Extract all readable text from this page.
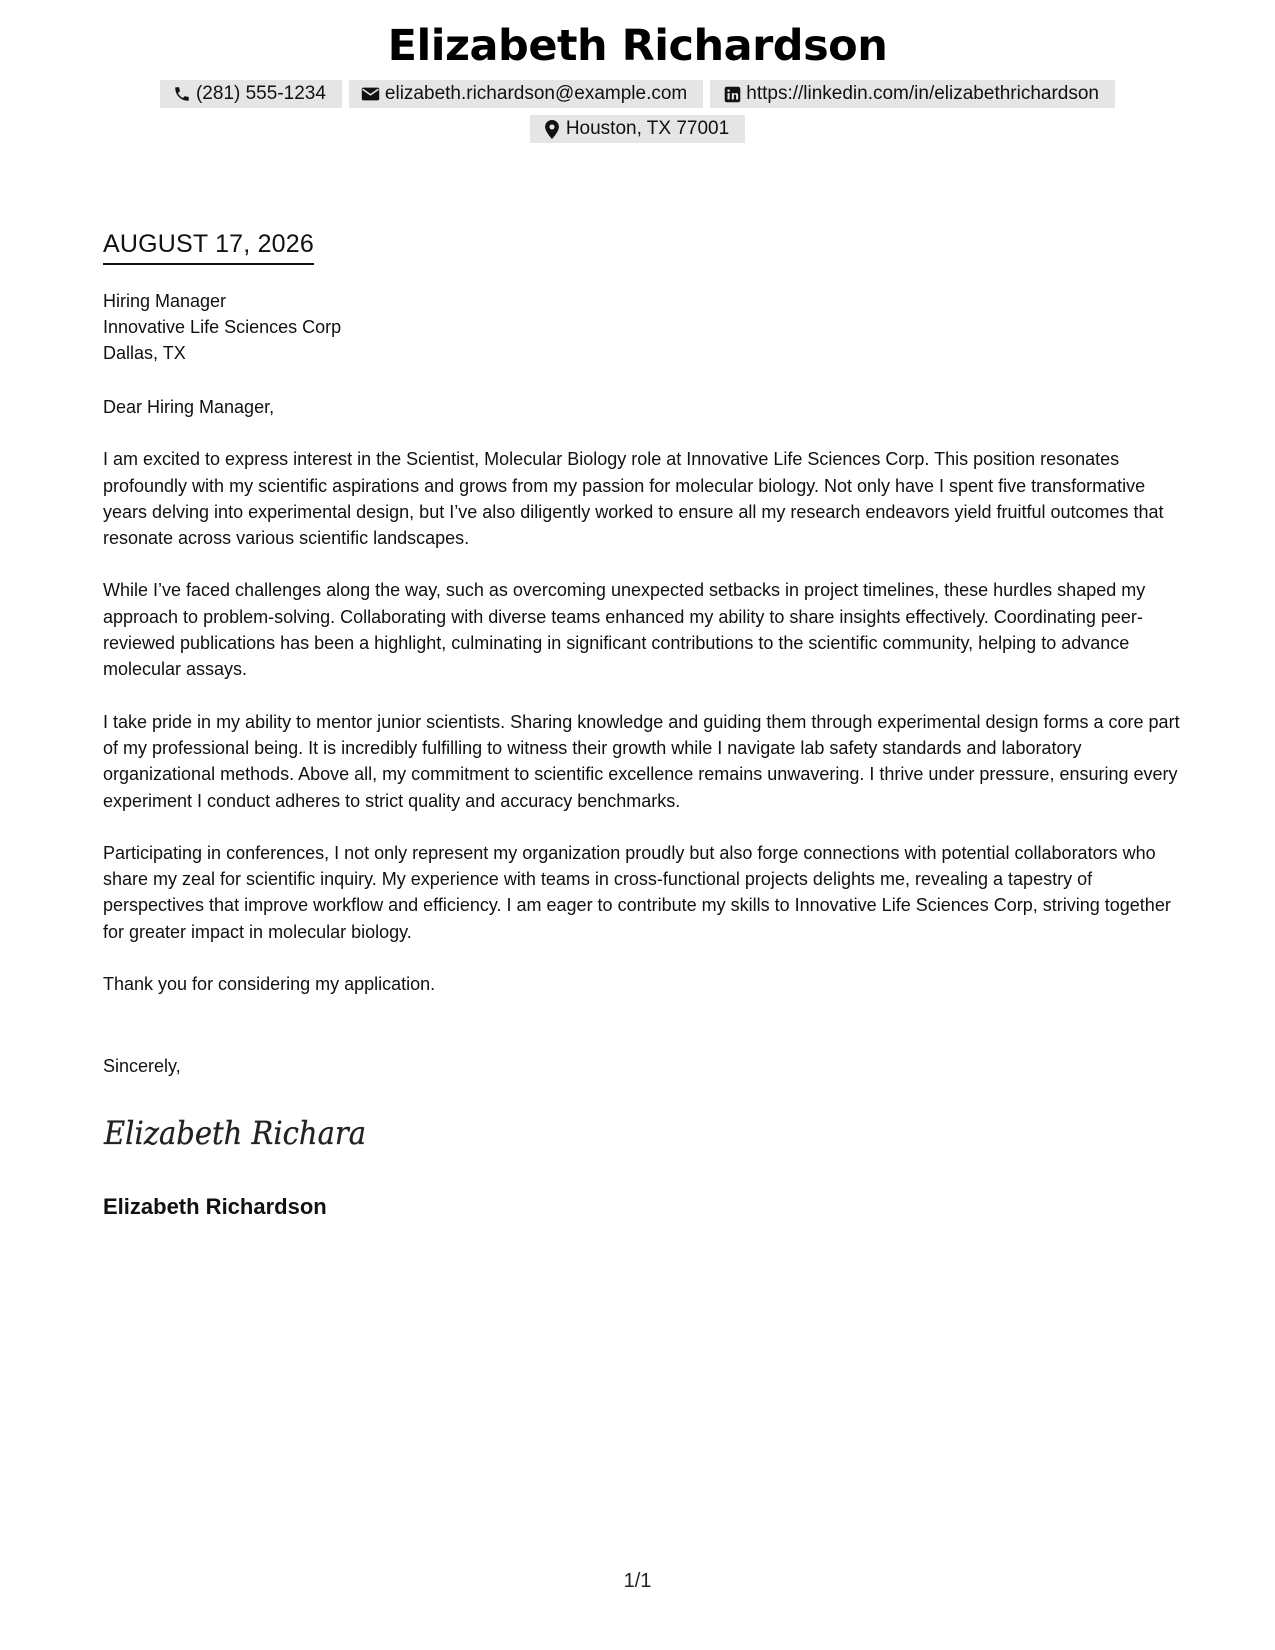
Elizabeth Richardson
(281) 555-1234	elizabeth.richardson@example.com	https://linkedin.com/in/elizabethrichardson
Houston, TX 77001
AUGUST 17, 2026
Hiring Manager
Innovative Life Sciences Corp
Dallas, TX

Dear Hiring Manager,

I am excited to express interest in the Scientist, Molecular Biology role at Innovative Life Sciences Corp. This position resonates profoundly with my scientific aspirations and grows from my passion for molecular biology. Not only have I spent five transformative years delving into experimental design, but I’ve also diligently worked to ensure all my research endeavors yield fruitful outcomes that resonate across various scientific landscapes.

While I’ve faced challenges along the way, such as overcoming unexpected setbacks in project timelines, these hurdles shaped my approach to problem-solving. Collaborating with diverse teams enhanced my ability to share insights effectively. Coordinating peer-reviewed publications has been a highlight, culminating in significant contributions to the scientific community, helping to advance molecular assays.

I take pride in my ability to mentor junior scientists. Sharing knowledge and guiding them through experimental design forms a core part of my professional being. It is incredibly fulfilling to witness their growth while I navigate lab safety standards and laboratory organizational methods. Above all, my commitment to scientific excellence remains unwavering. I thrive under pressure, ensuring every experiment I conduct adheres to strict quality and accuracy benchmarks.

Participating in conferences, I not only represent my organization proudly but also forge connections with potential collaborators who share my zeal for scientific inquiry. My experience with teams in cross-functional projects delights me, revealing a tapestry of perspectives that improve workflow and efficiency. I am eager to contribute my skills to Innovative Life Sciences Corp, striving together for greater impact in molecular biology.

Thank you for considering my application.

Sincerely,
Elizabeth Richara
Elizabeth Richardson
1/1
